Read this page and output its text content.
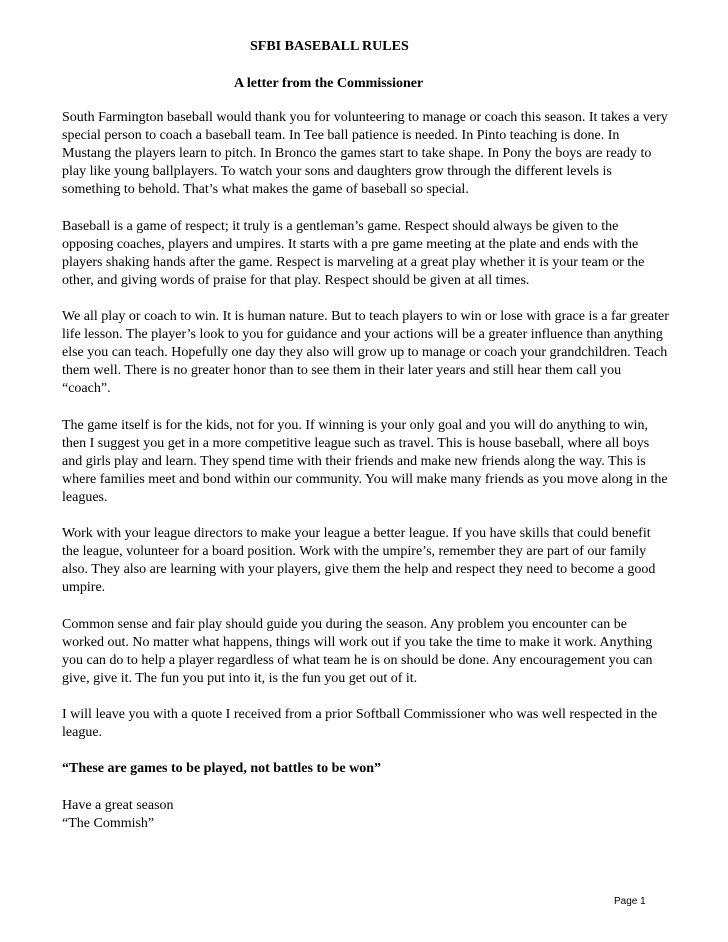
SFBI BASEBALL RULES
A letter from the Commissioner

South Farmington baseball would thank you for volunteering to manage or coach this season. It takes a very special person to coach a baseball team. In Tee ball patience is needed. In Pinto teaching is done. In Mustang the players learn to pitch. In Bronco the games start to take shape. In Pony the boys are ready to play like young ballplayers. To watch your sons and daughters grow through the different levels is something to behold. That’s what makes the game of baseball so special.

Baseball is a game of respect; it truly is a gentleman’s game. Respect should always be given to the opposing coaches, players and umpires. It starts with a pre game meeting at the plate and ends with the players shaking hands after the game. Respect is marveling at a great play whether it is your team or the other, and giving words of praise for that play. Respect should be given at all times.

We all play or coach to win. It is human nature. But to teach players to win or lose with grace is a far greater life lesson. The player’s look to you for guidance and your actions will be a greater influence than anything else you can teach. Hopefully one day they also will grow up to manage or coach your grandchildren. Teach them well. There is no greater honor than to see them in their later years and still hear them call you “coach”.

The game itself is for the kids, not for you. If winning is your only goal and you will do anything to win, then I suggest you get in a more competitive league such as travel. This is house baseball, where all boys and girls play and learn. They spend time with their friends and make new friends along the way. This is where families meet and bond within our community. You will make many friends as you move along in the leagues.

Work with your league directors to make your league a better league. If you have skills that could benefit the league, volunteer for a board position. Work with the umpire’s, remember they are part of our family also. They also are learning with your players, give them the help and respect they need to become a good umpire.

Common sense and fair play should guide you during the season. Any problem you encounter can be worked out. No matter what happens, things will work out if you take the time to make it work. Anything you can do to help a player regardless of what team he is on should be done. Any encouragement you can give, give it. The fun you put into it, is the fun you get out of it.

I will leave you with a quote I received from a prior Softball Commissioner who was well respected in the league.

“These are games to be played, not battles to be won”

Have a great season

“The Commish”

Page 1
